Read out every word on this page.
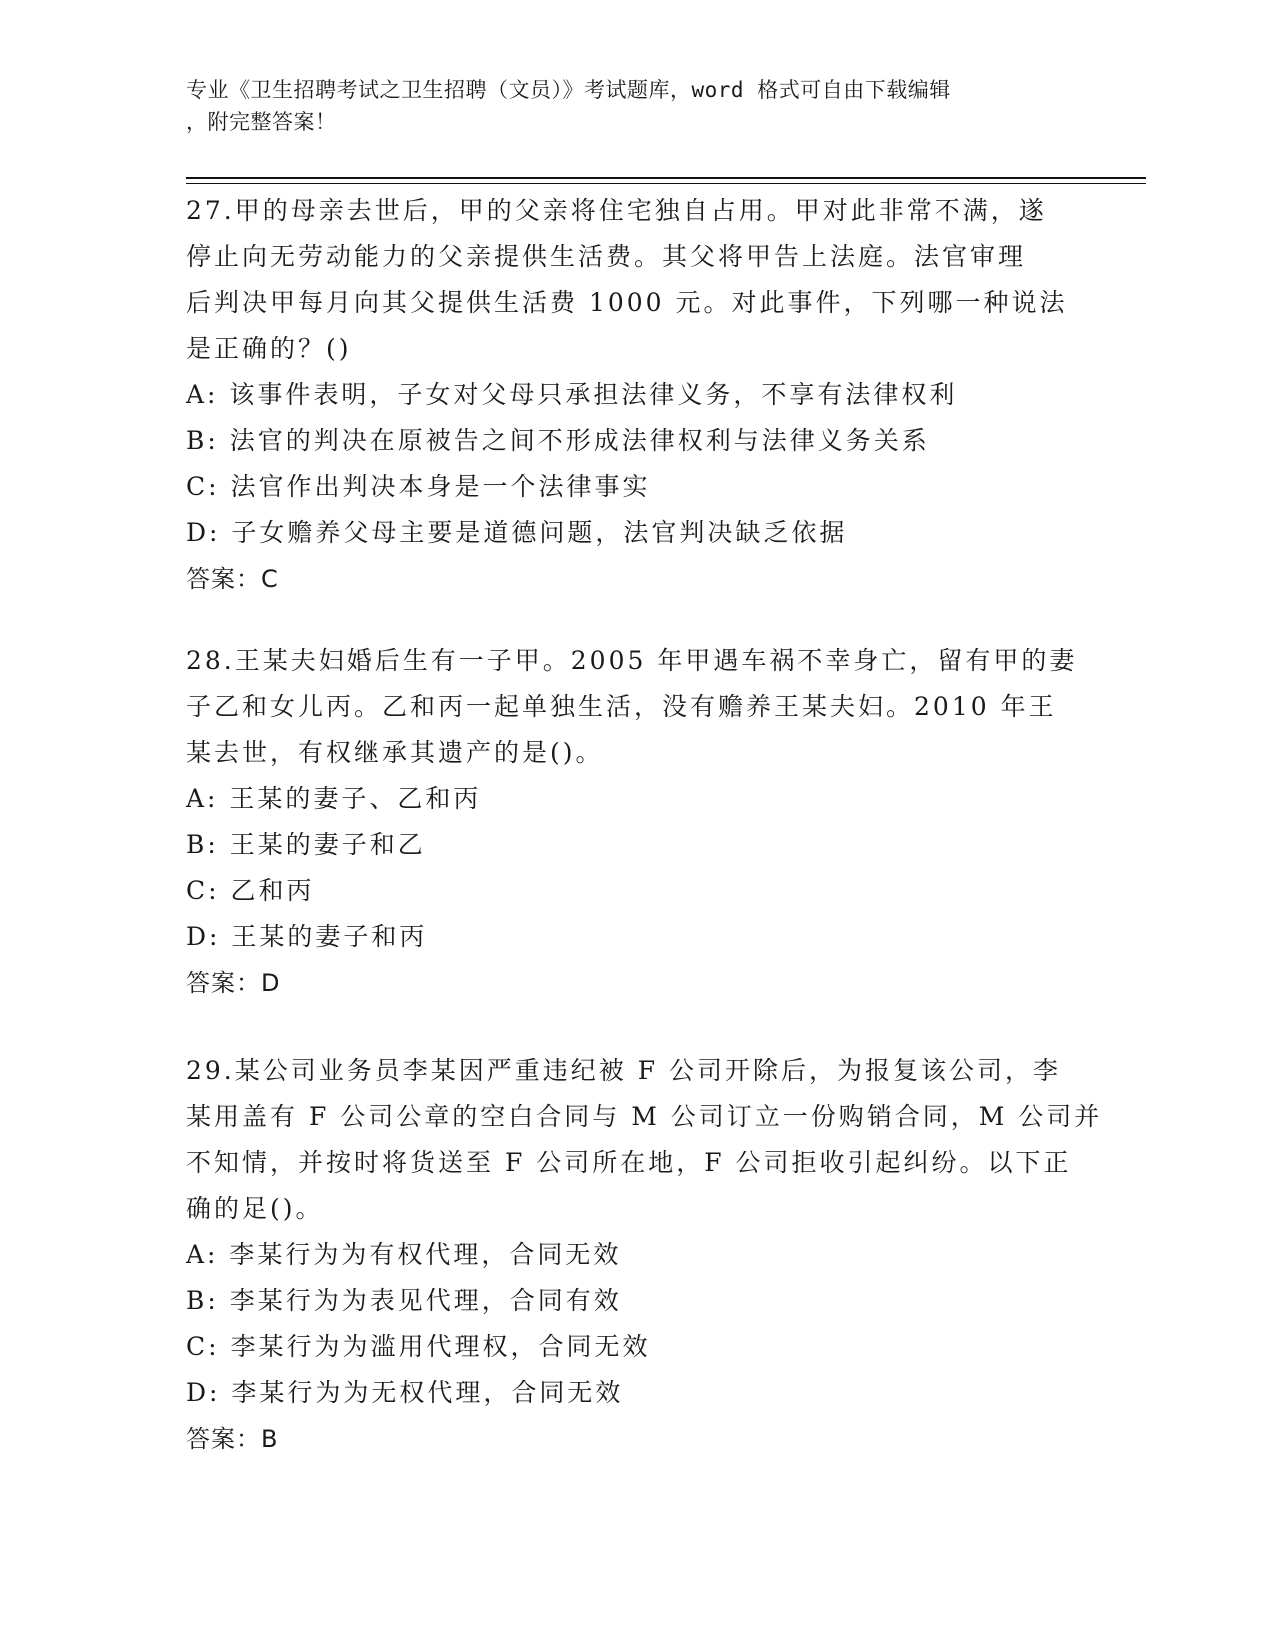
专业《卫生招聘考试之卫生招聘（文员）》考试题库，word 格式可自由下载编辑
，附完整答案！
27.甲的母亲去世后，甲的父亲将住宅独自占用。甲对此非常不满，遂
停止向无劳动能力的父亲提供生活费。其父将甲告上法庭。法官审理
后判决甲每月向其父提供生活费 1000 元。对此事件，下列哪一种说法
是正确的？()
A: 该事件表明，子女对父母只承担法律义务，不享有法律权利
B: 法官的判决在原被告之间不形成法律权利与法律义务关系
C: 法官作出判决本身是一个法律事实
D: 子女赡养父母主要是道德问题，法官判决缺乏依据
答案：C
28.王某夫妇婚后生有一子甲。2005 年甲遇车祸不幸身亡，留有甲的妻
子乙和女儿丙。乙和丙一起单独生活，没有赡养王某夫妇。2010 年王
某去世，有权继承其遗产的是()。
A: 王某的妻子、乙和丙
B: 王某的妻子和乙
C: 乙和丙
D: 王某的妻子和丙
答案：D
29.某公司业务员李某因严重违纪被 F 公司开除后，为报复该公司，李
某用盖有 F 公司公章的空白合同与 M 公司订立一份购销合同，M 公司并
不知情，并按时将货送至 F 公司所在地，F 公司拒收引起纠纷。以下正
确的足()。
A: 李某行为为有权代理，合同无效
B: 李某行为为表见代理，合同有效
C: 李某行为为滥用代理权，合同无效
D: 李某行为为无权代理，合同无效
答案：B
